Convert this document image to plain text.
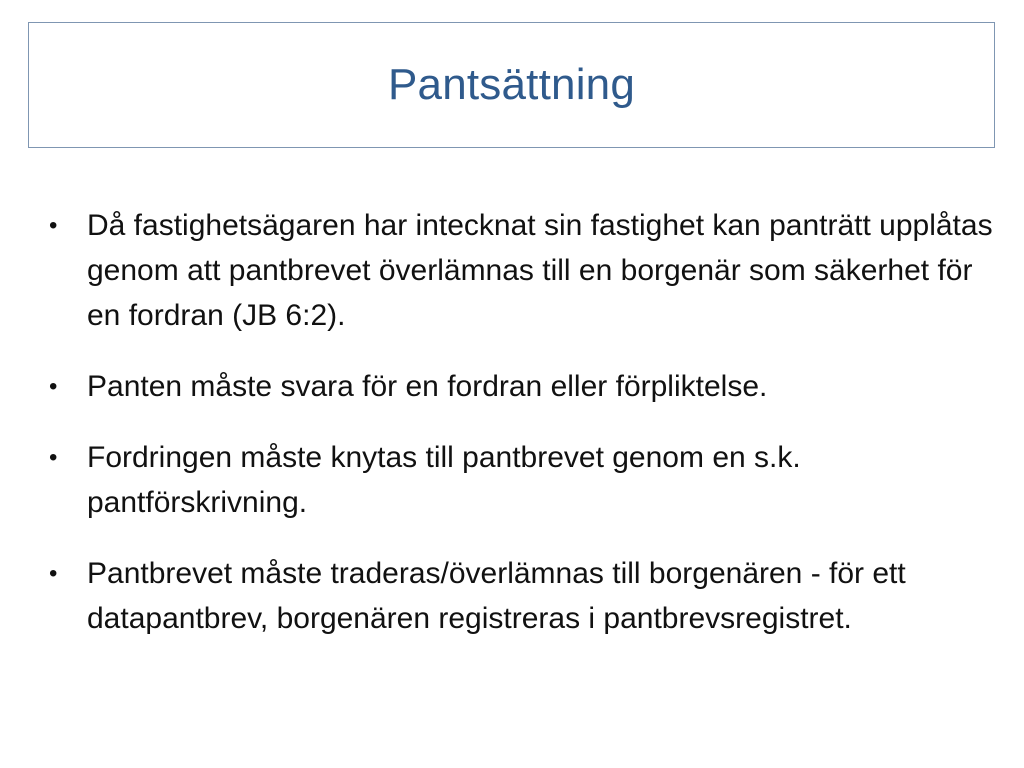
Pantsättning
• Då fastighetsägaren har intecknat sin fastighet kan panträtt upplåtas genom att pantbrevet överlämnas till en borgenär som säkerhet för en fordran (JB 6:2).
• Panten måste svara för en fordran eller förpliktelse.
• Fordringen måste knytas till pantbrevet genom en s.k. pantförskrivning.
• Pantbrevet måste traderas/överlämnas till borgenären - för ett datapantbrev, borgenären registreras i pantbrevsregistret.
